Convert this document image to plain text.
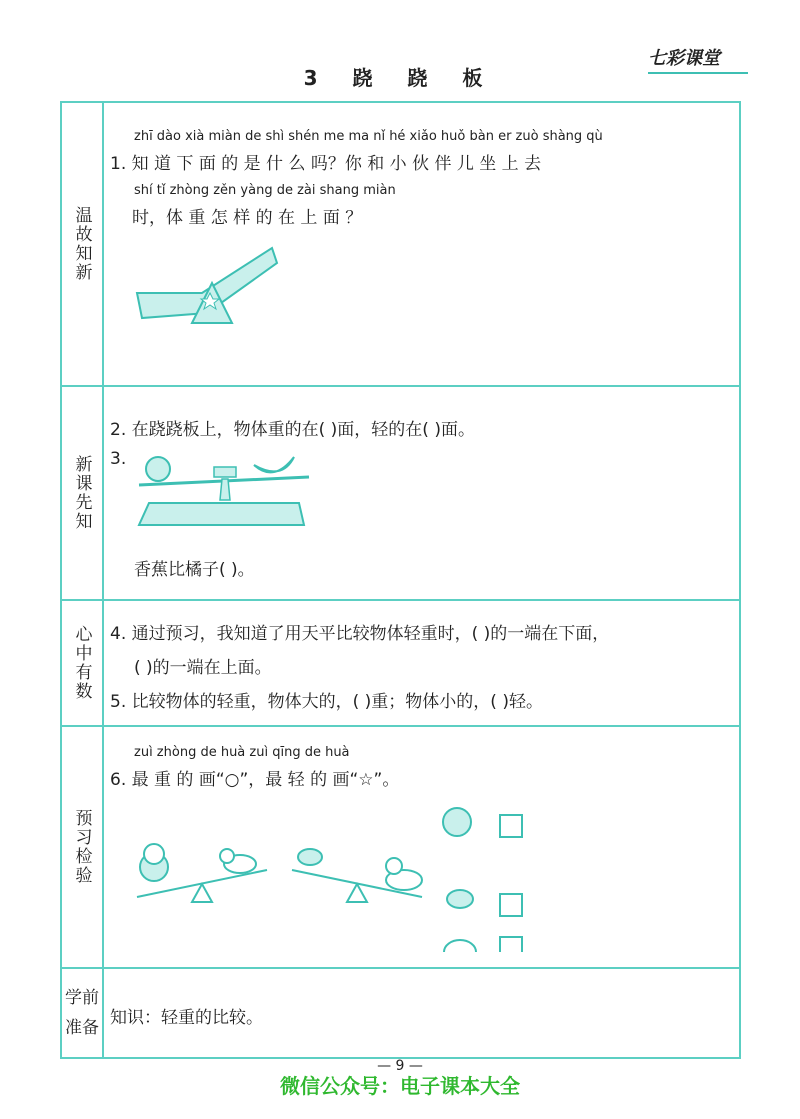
3 跷 跷 板
七彩课堂
温故知新
zhī dào xià miàn de shì shén me ma nǐ hé xiǎo huǒ bàn er zuò shàng qù
1. 知 道 下 面 的 是 什 么 吗？你 和 小 伙 伴 儿 坐 上 去
shí tǐ zhòng zěn yàng de zài shang miàn
时，体 重 怎 样 的 在 上 面 ？
新课先知
2. 在跷跷板上，物体重的在( )面，轻的在( )面。
3.
香蕉比橘子( )。
心中有数 4. 通过预习，我知道了用天平比较物体轻重时，( )的一端在下面，
( )的一端在上面。
5. 比较物体的轻重，物体大的，( )重；物体小的，( )轻。
预习检验
zuì zhòng de huà zuì qīng de huà
6. 最 重 的 画“○”，最 轻 的 画“☆”。
学前
准备 知识：轻重的比较。
— 9 —
微信公众号：电子课本大全
